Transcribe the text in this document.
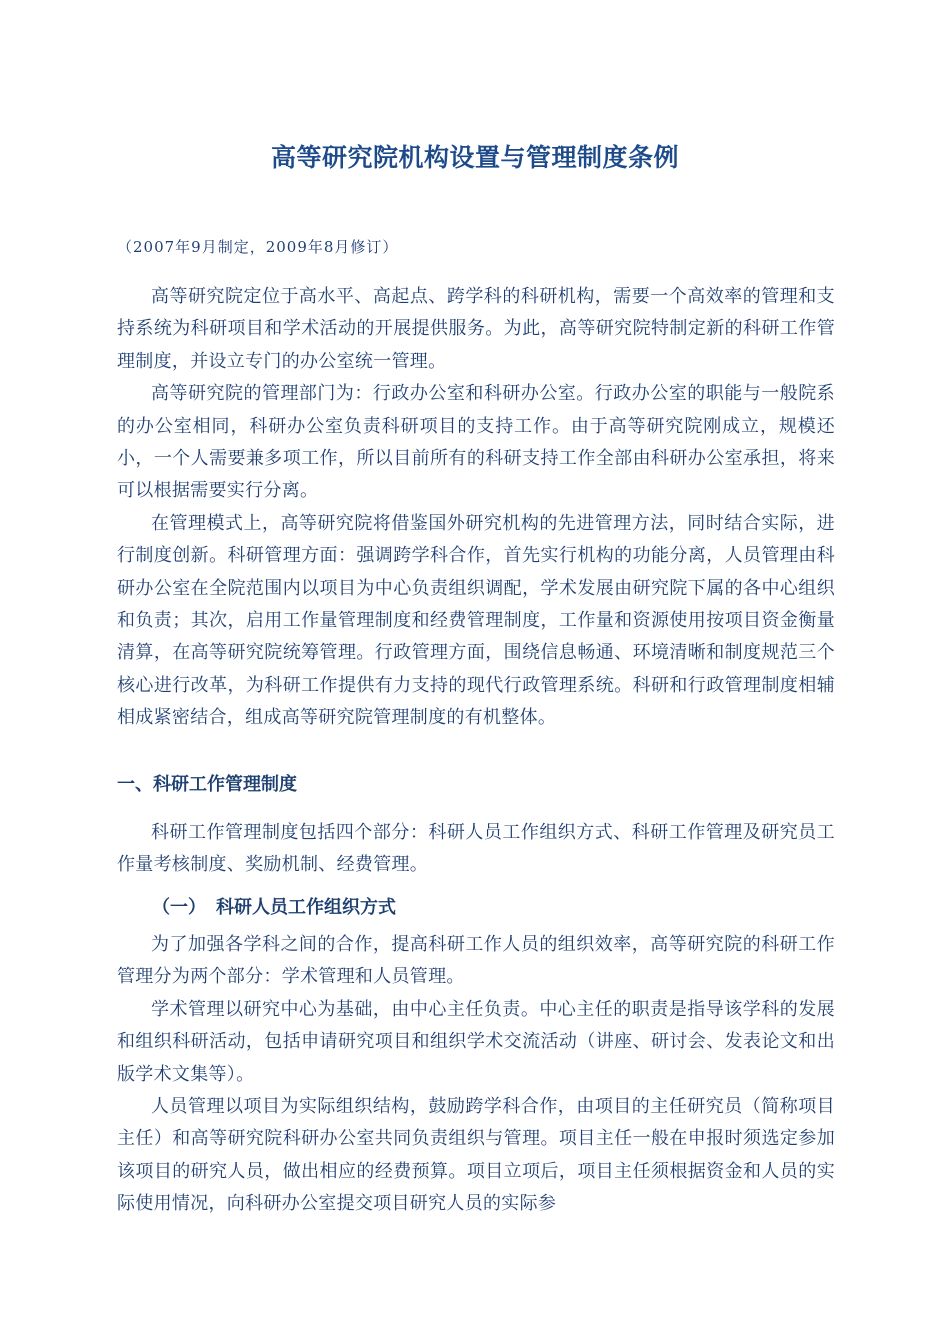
高等研究院机构设置与管理制度条例

（2007年9月制定，2009年8月修订）

高等研究院定位于高水平、高起点、跨学科的科研机构，需要一个高效率的管理和支持系统为科研项目和学术活动的开展提供服务。为此，高等研究院特制定新的科研工作管理制度，并设立专门的办公室统一管理。

高等研究院的管理部门为：行政办公室和科研办公室。行政办公室的职能与一般院系的办公室相同，科研办公室负责科研项目的支持工作。由于高等研究院刚成立，规模还小，一个人需要兼多项工作，所以目前所有的科研支持工作全部由科研办公室承担，将来可以根据需要实行分离。

在管理模式上，高等研究院将借鉴国外研究机构的先进管理方法，同时结合实际，进行制度创新。科研管理方面：强调跨学科合作，首先实行机构的功能分离，人员管理由科研办公室在全院范围内以项目为中心负责组织调配，学术发展由研究院下属的各中心组织和负责；其次，启用工作量管理制度和经费管理制度，工作量和资源使用按项目资金衡量清算，在高等研究院统筹管理。行政管理方面，围绕信息畅通、环境清晰和制度规范三个核心进行改革，为科研工作提供有力支持的现代行政管理系统。科研和行政管理制度相辅相成紧密结合，组成高等研究院管理制度的有机整体。

一、科研工作管理制度

科研工作管理制度包括四个部分：科研人员工作组织方式、科研工作管理及研究员工作量考核制度、奖励机制、经费管理。

（一） 科研人员工作组织方式

为了加强各学科之间的合作，提高科研工作人员的组织效率，高等研究院的科研工作管理分为两个部分：学术管理和人员管理。

学术管理以研究中心为基础，由中心主任负责。中心主任的职责是指导该学科的发展和组织科研活动，包括申请研究项目和组织学术交流活动（讲座、研讨会、发表论文和出版学术文集等）。

人员管理以项目为实际组织结构，鼓励跨学科合作，由项目的主任研究员（简称项目主任）和高等研究院科研办公室共同负责组织与管理。项目主任一般在申报时须选定参加该项目的研究人员，做出相应的经费预算。项目立项后，项目主任须根据资金和人员的实际使用情况，向科研办公室提交项目研究人员的实际参
